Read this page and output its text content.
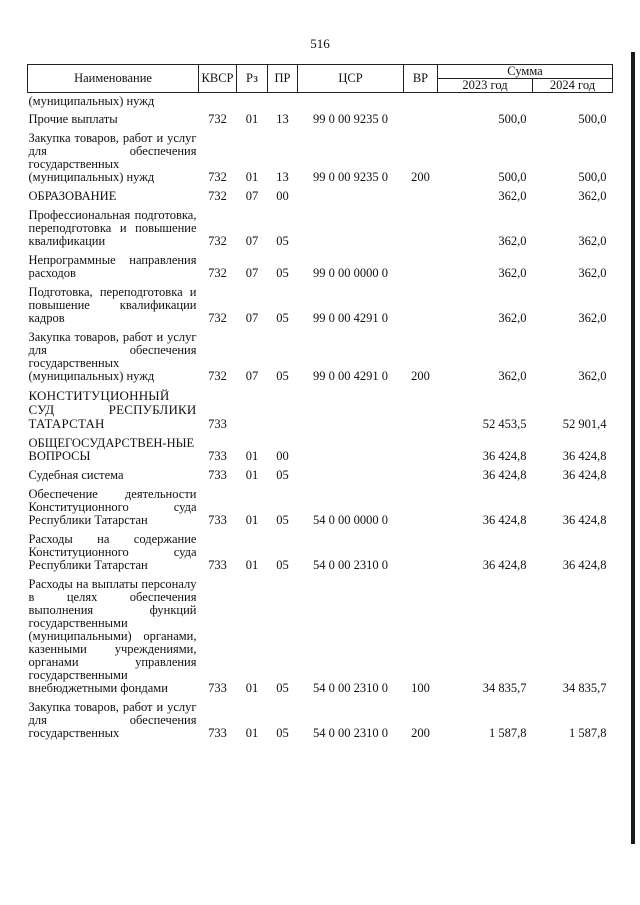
516
Наименование	КВСР	Рз	ПР	ЦСР	ВР	Сумма	
						2023 год	2024 год
(муниципальных) нужд							
Прочие выплаты	732	01	13	99 0 00 9235 0		500,0	500,0
Закупка товаров, работ и услуг для обеспечения государственных (муниципальных) нужд	732	01	13	99 0 00 9235 0	200	500,0	500,0
ОБРАЗОВАНИЕ	732	07	00			362,0	362,0
Профессиональная подготовка, переподготовка и повышение квалификации	732	07	05			362,0	362,0
Непрограммные направления расходов	732	07	05	99 0 00 0000 0		362,0	362,0
Подготовка, переподготовка и повышение квалификации кадров	732	07	05	99 0 00 4291 0		362,0	362,0
Закупка товаров, работ и услуг для обеспечения государственных (муниципальных) нужд	732	07	05	99 0 00 4291 0	200	362,0	362,0
КОНСТИТУЦИОННЫЙ СУД РЕСПУБЛИКИ ТАТАРСТАН	733					52 453,5	52 901,4
ОБЩЕГОСУДАРСТВЕН-НЫЕ ВОПРОСЫ	733	01	00			36 424,8	36 424,8
Судебная система	733	01	05			36 424,8	36 424,8
Обеспечение деятельности Конституционного суда Республики Татарстан	733	01	05	54 0 00 0000 0		36 424,8	36 424,8
Расходы на содержание Конституционного суда Республики Татарстан	733	01	05	54 0 00 2310 0		36 424,8	36 424,8
Расходы на выплаты персоналу в целях обеспечения выполнения функций государственными (муниципальными) органами, казенными учреждениями, органами управления государственными внебюджетными фондами	733	01	05	54 0 00 2310 0	100	34 835,7	34 835,7
Закупка товаров, работ и услуг для обеспечения государственных	733	01	05	54 0 00 2310 0	200	1 587,8	1 587,8
